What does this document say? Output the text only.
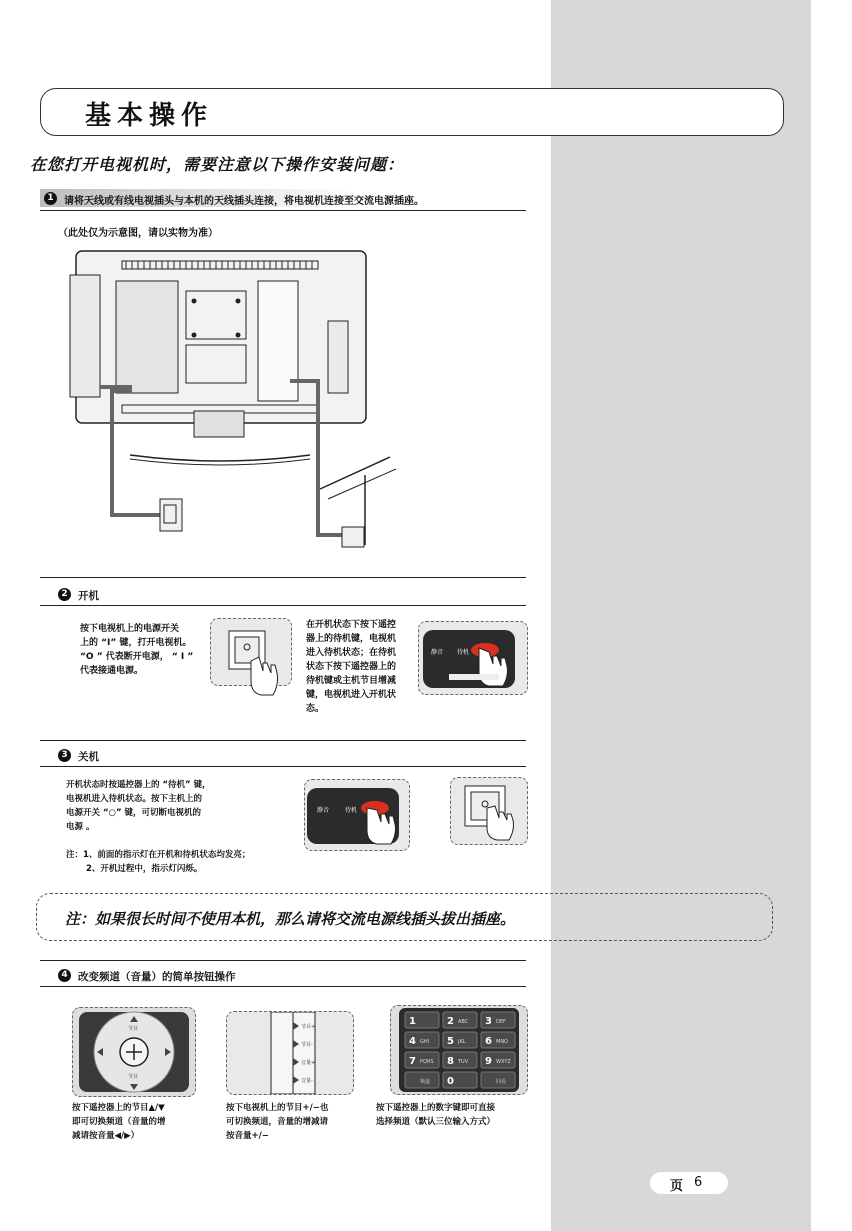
基本操作
在您打开电视机时，需要注意以下操作安装问题：
1	请将天线或有线电视插头与本机的天线插头连接，将电视机连接至交流电源插座。
（此处仅为示意图，请以实物为准）
2 开机
按下电视机上的电源开关
上的 “I” 键，打开电视机。
“O ” 代表断开电源， “ I ”
代表接通电源。
在开机状态下按下遥控
器上的待机键，电视机
进入待机状态；在待机
状态下按下遥控器上的
待机键或主机节目增减
键，电视机进入开机状
态。
静音 待机
3 关机
开机状态时按遥控器上的 “待机” 键，
电视机进入待机状态。按下主机上的
电源开关 “○” 键，可切断电视机的
电源 。
注：1、前面的指示灯在开机和待机状态均发亮；
2、开机过程中，指示灯闪烁。
静音	待机
注：如果很长时间不使用本机，那么请将交流电源线插头拔出插座。
4 改变频道（音量）的简单按钮操作
节目
节目
节目+
节目-
音量+
音量-
1	2 ABC 3 DEF
4 GHI 5 JKL 6 MNO
7 PQRS 8 TUV 9 WXYZ
频道 0	回看
按下遥控器上的节目▲/▼
即可切换频道（音量的增
减请按音量◀/▶）
按下电视机上的节目+/−也
可切换频道，音量的增减请
按音量+/−
按下遥控器上的数字键即可直接
选择频道（默认三位输入方式）
页 6
